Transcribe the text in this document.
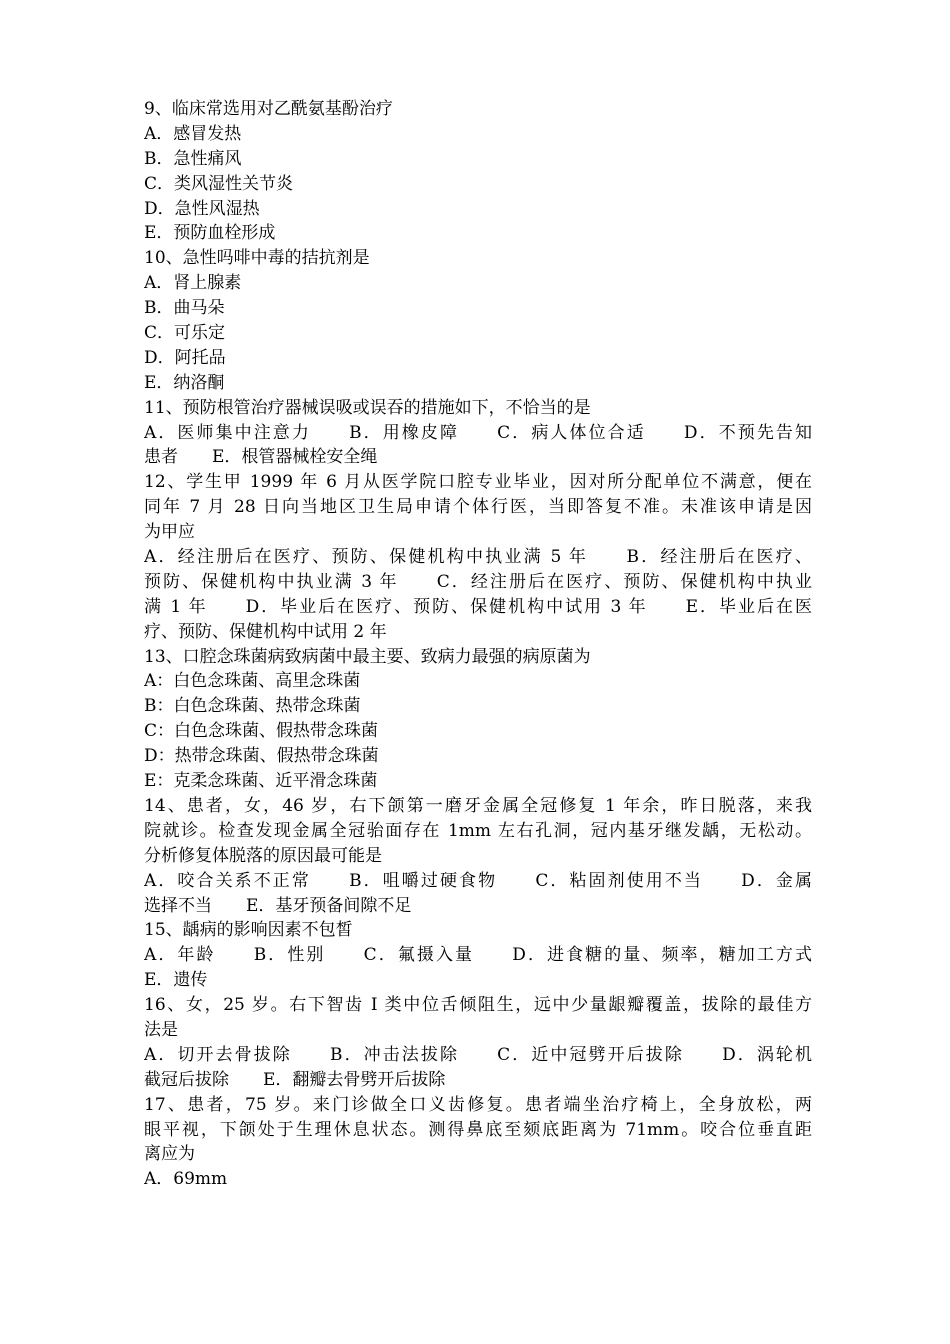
9、临床常选用对乙酰氨基酚治疗
A．感冒发热
B．急性痛风
C．类风湿性关节炎
D．急性风湿热
E．预防血栓形成
10、急性吗啡中毒的拮抗剂是
A．肾上腺素
B．曲马朵
C．可乐定
D．阿托品
E．纳洛酮
11、预防根管治疗器械误吸或误吞的措施如下，不恰当的是
A．医师集中注意力　　B．用橡皮障　　C．病人体位合适　　D．不预先告知
患者　　E．根管器械栓安全绳
12、学生甲 1999 年 6 月从医学院口腔专业毕业，因对所分配单位不满意，便在
同年 7 月 28 日向当地区卫生局申请个体行医，当即答复不准。未准该申请是因
为甲应
A．经注册后在医疗、预防、保健机构中执业满 5 年　　B．经注册后在医疗、
预防、保健机构中执业满 3 年　　C．经注册后在医疗、预防、保健机构中执业
满 1 年　　D．毕业后在医疗、预防、保健机构中试用 3 年　　E．毕业后在医
疗、预防、保健机构中试用 2 年
13、口腔念珠菌病致病菌中最主要、致病力最强的病原菌为
A：白色念珠菌、高里念珠菌
B：白色念珠菌、热带念珠菌
C：白色念珠菌、假热带念珠菌
D：热带念珠菌、假热带念珠菌
E：克柔念珠菌、近平滑念珠菌
14、患者，女，46 岁，右下颌第一磨牙金属全冠修复 1 年余，昨日脱落，来我
院就诊。检查发现金属全冠骀面存在 1mm 左右孔洞，冠内基牙继发龋，无松动。
分析修复体脱落的原因最可能是
A．咬合关系不正常　　B．咀嚼过硬食物　　C．粘固剂使用不当　　D．金属
选择不当　　E．基牙预备间隙不足
15、龋病的影响因素不包皙
A．年龄　　B．性别　　C．氟摄入量　　D．进食糖的量、频率，糖加工方式
E．遗传
16、女，25 岁。右下智齿 I 类中位舌倾阻生，远中少量龈瓣覆盖，拔除的最佳方
法是
A．切开去骨拔除　　B．冲击法拔除　　C．近中冠劈开后拔除　　D．涡轮机
截冠后拔除　　E．翻瓣去骨劈开后拔除
17、患者，75 岁。来门诊做全口义齿修复。患者端坐治疗椅上，全身放松，两
眼平视，下颌处于生理休息状态。测得鼻底至颏底距离为 71mm。咬合位垂直距
离应为
A．69mm
